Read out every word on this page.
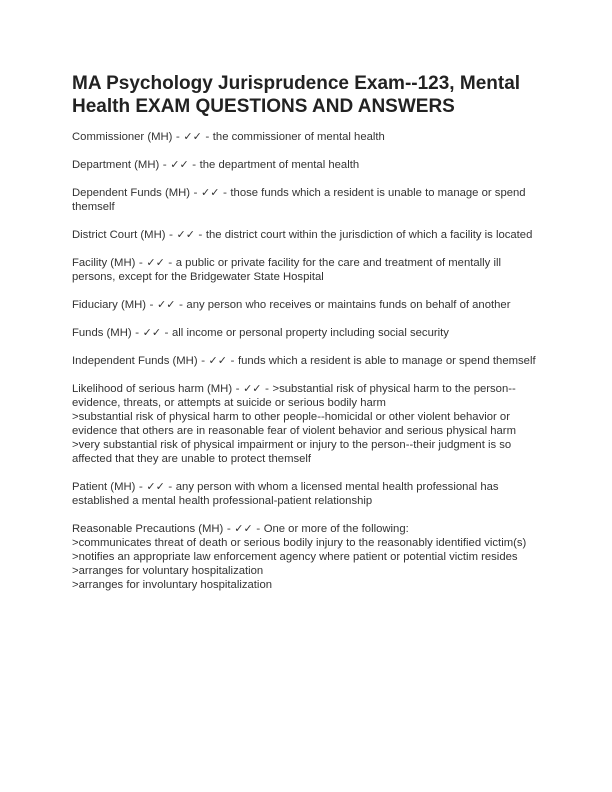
MA Psychology Jurisprudence Exam--123, Mental Health EXAM QUESTIONS AND ANSWERS
Commissioner (MH) - ✓✓ - the commissioner of mental health
Department (MH) - ✓✓ - the department of mental health
Dependent Funds (MH) - ✓✓ - those funds which a resident is unable to manage or spend themself
District Court (MH) - ✓✓ - the district court within the jurisdiction of which a facility is located
Facility (MH) - ✓✓ - a public or private facility for the care and treatment of mentally ill persons, except for the Bridgewater State Hospital
Fiduciary (MH) - ✓✓ - any person who receives or maintains funds on behalf of another
Funds (MH) - ✓✓ - all income or personal property including social security
Independent Funds (MH) - ✓✓ - funds which a resident is able to manage or spend themself
Likelihood of serious harm (MH) - ✓✓ - >substantial risk of physical harm to the person--evidence, threats, or attempts at suicide or serious bodily harm
>substantial risk of physical harm to other people--homicidal or other violent behavior or evidence that others are in reasonable fear of violent behavior and serious physical harm
>very substantial risk of physical impairment or injury to the person--their judgment is so affected that they are unable to protect themself
Patient (MH) - ✓✓ - any person with whom a licensed mental health professional has established a mental health professional-patient relationship
Reasonable Precautions (MH) - ✓✓ - One or more of the following:
>communicates threat of death or serious bodily injury to the reasonably identified victim(s)
>notifies an appropriate law enforcement agency where patient or potential victim resides
>arranges for voluntary hospitalization
>arranges for involuntary hospitalization
